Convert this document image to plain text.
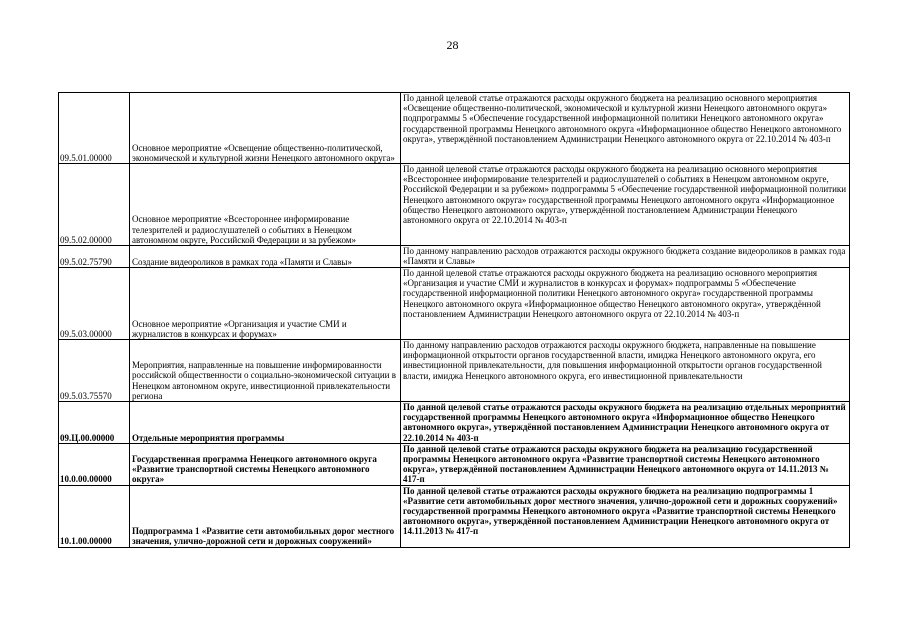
28
09.5.01.00000	Основное мероприятие «Освещение общественно-политической, экономической и культурной жизни Ненецкого автономного округа»	По данной целевой статье отражаются расходы окружного бюджета на реализацию основного мероприятия «Освещение общественно-политической, экономической и культурной жизни Ненецкого автономного округа» подпрограммы 5 «Обеспечение государственной информационной политики Ненецкого автономного округа» государственной программы Ненецкого автономного округа «Информационное общество Ненецкого автономного округа», утверждённой постановлением Администрации Ненецкого автономного округа от 22.10.2014 № 403-п
09.5.02.00000	Основное мероприятие «Всестороннее информирование телезрителей и радиослушателей о событиях в Ненецком автономном округе, Российской Федерации и за рубежом»	По данной целевой статье отражаются расходы окружного бюджета на реализацию основного мероприятия «Всестороннее информирование телезрителей и радиослушателей о событиях в Ненецком автономном округе, Российской Федерации и за рубежом» подпрограммы 5 «Обеспечение государственной информационной политики Ненецкого автономного округа» государственной программы Ненецкого автономного округа «Информационное общество Ненецкого автономного округа», утверждённой постановлением Администрации Ненецкого автономного округа от 22.10.2014 № 403-п
09.5.02.75790	Создание видеороликов в рамках года «Памяти и Славы»	По данному направлению расходов отражаются расходы окружного бюджета создание видеороликов в рамках года «Памяти и Славы»
09.5.03.00000	Основное мероприятие «Организация и участие СМИ и журналистов в конкурсах и форумах»	По данной целевой статье отражаются расходы окружного бюджета на реализацию основного мероприятия «Организация и участие СМИ и журналистов в конкурсах и форумах» подпрограммы 5 «Обеспечение государственной информационной политики Ненецкого автономного округа» государственной программы Ненецкого автономного округа «Информационное общество Ненецкого автономного округа», утверждённой постановлением Администрации Ненецкого автономного округа от 22.10.2014 № 403-п
09.5.03.75570	Мероприятия, направленные на повышение информированности российской общественности о социально-экономической ситуации в Ненецком автономном округе, инвестиционной привлекательности региона	По данному направлению расходов отражаются расходы окружного бюджета, направленные на повышение информационной открытости органов государственной власти, имиджа Ненецкого автономного округа, его инвестиционной привлекательности, для повышения информационной открытости органов государственной власти, имиджа Ненецкого автономного округа, его инвестиционной привлекательности
09.Ц.00.00000	Отдельные мероприятия программы	По данной целевой статье отражаются расходы окружного бюджета на реализацию отдельных мероприятий государственной программы Ненецкого автономного округа «Информационное общество Ненецкого автономного округа», утверждённой постановлением Администрации Ненецкого автономного округа от 22.10.2014 № 403-п
10.0.00.00000	Государственная программа Ненецкого автономного округа «Развитие транспортной системы Ненецкого автономного округа»	По данной целевой статье отражаются расходы окружного бюджета на реализацию государственной программы Ненецкого автономного округа «Развитие транспортной системы Ненецкого автономного округа», утверждённой постановлением Администрации Ненецкого автономного округа от 14.11.2013 № 417-п
10.1.00.00000	Подпрограмма 1 «Развитие сети автомобильных дорог местного значения, улично-дорожной сети и дорожных сооружений»	По данной целевой статье отражаются расходы окружного бюджета на реализацию подпрограммы 1 «Развитие сети автомобильных дорог местного значения, улично-дорожной сети и дорожных сооружений» государственной программы Ненецкого автономного округа «Развитие транспортной системы Ненецкого автономного округа», утверждённой постановлением Администрации Ненецкого автономного округа от 14.11.2013 № 417-п
